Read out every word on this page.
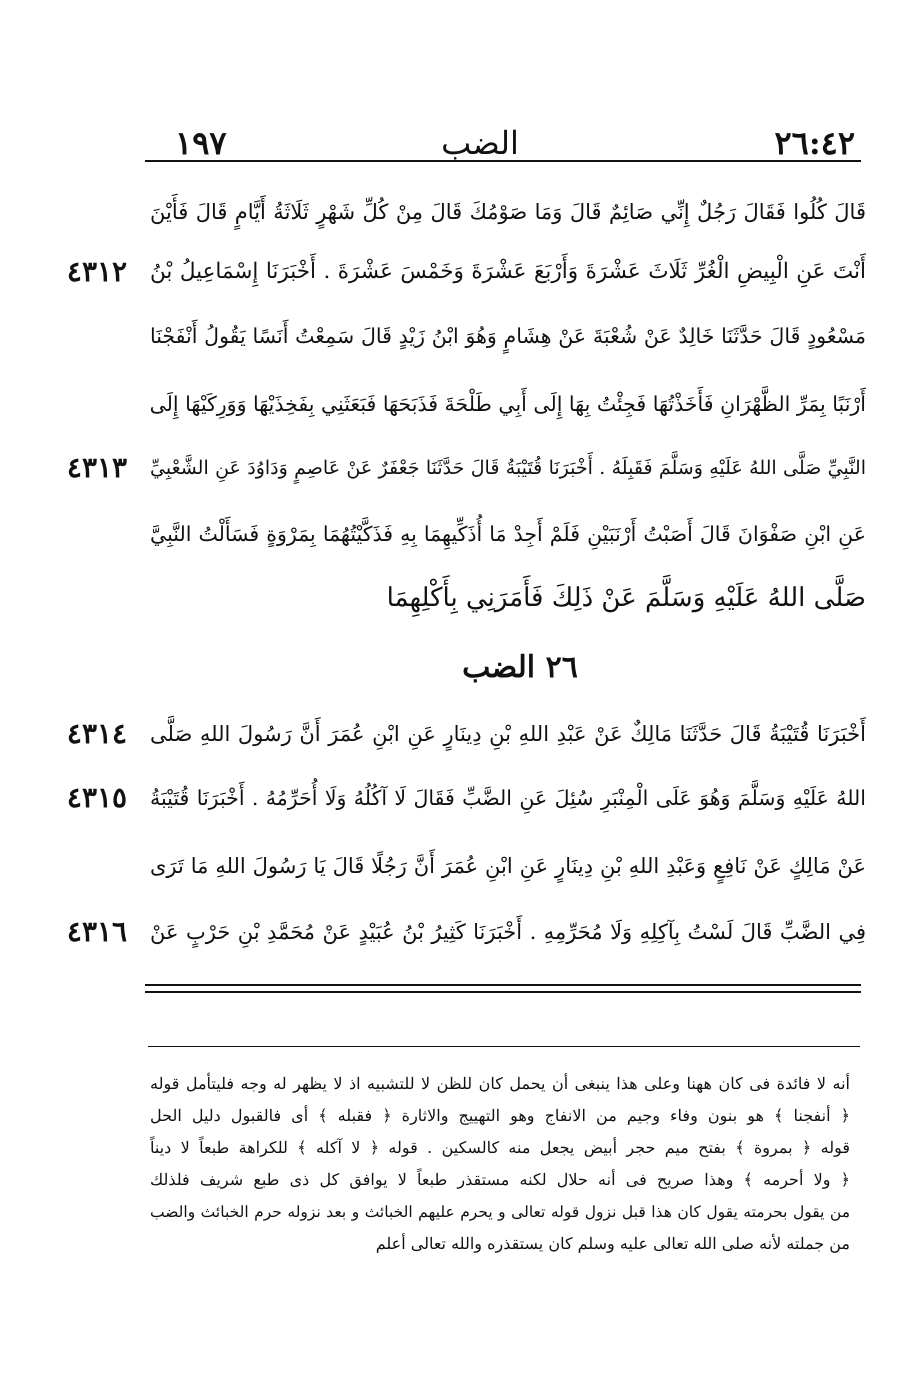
١٩٧	الضب	٢٦:٤٢
قَالَ كُلُوا فَقَالَ رَجُلٌ إِنِّي صَائِمٌ قَالَ وَمَا صَوْمُكَ قَالَ مِنْ كُلِّ شَهْرٍ ثَلَاثَةُ أَيَّامٍ قَالَ فَأَيْنَ
أَنْتَ عَنِ الْبِيضِ الْغُرِّ ثَلَاثَ عَشْرَةَ وَأَرْبَعَ عَشْرَةَ وَخَمْسَ عَشْرَةَ . أَخْبَرَنَا إِسْمَاعِيلُ بْنُ
مَسْعُودٍ قَالَ حَدَّثَنَا خَالِدٌ عَنْ شُعْبَةَ عَنْ هِشَامٍ وَهُوَ ابْنُ زَيْدٍ قَالَ سَمِعْتُ أَنَسًا يَقُولُ أَنْفَجْنَا
أَرْنَبًا بِمَرِّ الظَّهْرَانِ فَأَخَذْتُهَا فَجِئْتُ بِهَا إِلَى أَبِي طَلْحَةَ فَذَبَحَهَا فَبَعَثَنِي بِفَخِذَيْهَا وَوَرِكَيْهَا إِلَى
النَّبِيِّ صَلَّى اللهُ عَلَيْهِ وَسَلَّمَ فَقَبِلَهُ . أَخْبَرَنَا قُتَيْبَةُ قَالَ حَدَّثَنَا جَعْفَرٌ عَنْ عَاصِمٍ وَدَاوُدَ عَنِ الشَّعْبِيِّ
عَنِ ابْنِ صَفْوَانَ قَالَ أَصَبْتُ أَرْنَبَيْنِ فَلَمْ أَجِدْ مَا أُذَكِّيهِمَا بِهِ فَذَكَّيْتُهُمَا بِمَرْوَةٍ فَسَأَلْتُ النَّبِيَّ
صَلَّى اللهُ عَلَيْهِ وَسَلَّمَ عَنْ ذَلِكَ فَأَمَرَنِي بِأَكْلِهِمَا
٤٣١٢
٤٣١٣
٢٦ الضب
أَخْبَرَنَا قُتَيْبَةُ قَالَ حَدَّثَنَا مَالِكٌ عَنْ عَبْدِ اللهِ بْنِ دِينَارٍ عَنِ ابْنِ عُمَرَ أَنَّ رَسُولَ اللهِ صَلَّى
اللهُ عَلَيْهِ وَسَلَّمَ وَهُوَ عَلَى الْمِنْبَرِ سُئِلَ عَنِ الضَّبِّ فَقَالَ لَا آكُلُهُ وَلَا أُحَرِّمُهُ . أَخْبَرَنَا قُتَيْبَةُ
عَنْ مَالِكٍ عَنْ نَافِعٍ وَعَبْدِ اللهِ بْنِ دِينَارٍ عَنِ ابْنِ عُمَرَ أَنَّ رَجُلًا قَالَ يَا رَسُولَ اللهِ مَا تَرَى
فِي الضَّبِّ قَالَ لَسْتُ بِآكِلِهِ وَلَا مُحَرِّمِهِ . أَخْبَرَنَا كَثِيرُ بْنُ عُبَيْدٍ عَنْ مُحَمَّدِ بْنِ حَرْبٍ عَنْ
٤٣١٤
٤٣١٥
٤٣١٦
أنه لا فائدة فى كان ههنا وعلى هذا ينبغى أن يحمل كان للظن لا للتشبيه اذ لا يظهر له وجه فليتأمل قوله
﴿ أنفجنا ﴾ هو بنون وفاء وجيم من الانفاج وهو التهييج والاثارة ﴿ فقبله ﴾ أى فالقبول دليل الحل
قوله ﴿ بمروة ﴾ بفتح ميم حجر أبيض يجعل منه كالسكين . قوله ﴿ لا آكله ﴾ للكراهة طبعاً لا ديناً
﴿ ولا أحرمه ﴾ وهذا صريح فى أنه حلال لكنه مستقذر طبعاً لا يوافق كل ذى طبع شريف فلذلك
من يقول بحرمته يقول كان هذا قبل نزول قوله تعالى و يحرم عليهم الخبائث و بعد نزوله حرم الخبائث والضب
من جملته لأنه صلى الله تعالى عليه وسلم كان يستقذره والله تعالى أعلم
